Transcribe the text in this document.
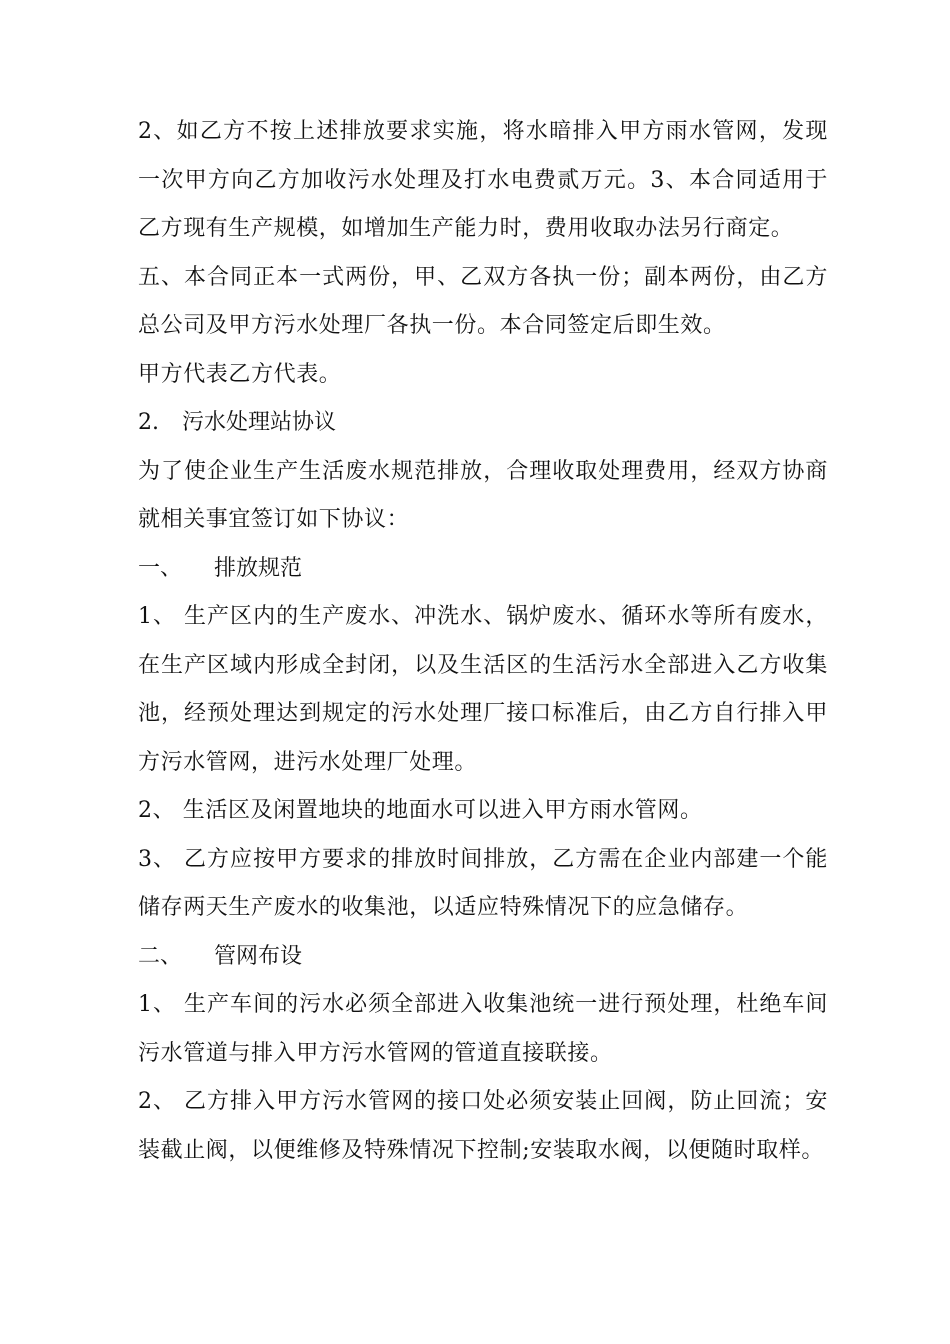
2、如乙方不按上述排放要求实施，将水暗排入甲方雨水管网，发现一次甲方向乙方加收污水处理及打水电费贰万元。3、本合同适用于乙方现有生产规模，如增加生产能力时，费用收取办法另行商定。

五、本合同正本一式两份，甲、乙双方各执一份；副本两份，由乙方总公司及甲方污水处理厂各执一份。本合同签定后即生效。

甲方代表乙方代表。

2. 污水处理站协议

为了使企业生产生活废水规范排放，合理收取处理费用，经双方协商就相关事宜签订如下协议：

一、 排放规范

1、 生产区内的生产废水、冲洗水、锅炉废水、循环水等所有废水，在生产区域内形成全封闭，以及生活区的生活污水全部进入乙方收集池，经预处理达到规定的污水处理厂接口标准后，由乙方自行排入甲方污水管网，进污水处理厂处理。

2、 生活区及闲置地块的地面水可以进入甲方雨水管网。

3、 乙方应按甲方要求的排放时间排放，乙方需在企业内部建一个能储存两天生产废水的收集池，以适应特殊情况下的应急储存。

二、 管网布设

1、 生产车间的污水必须全部进入收集池统一进行预处理，杜绝车间污水管道与排入甲方污水管网的管道直接联接。

2、 乙方排入甲方污水管网的接口处必须安装止回阀，防止回流；安装截止阀，以便维修及特殊情况下控制;安装取水阀，以便随时取样。
